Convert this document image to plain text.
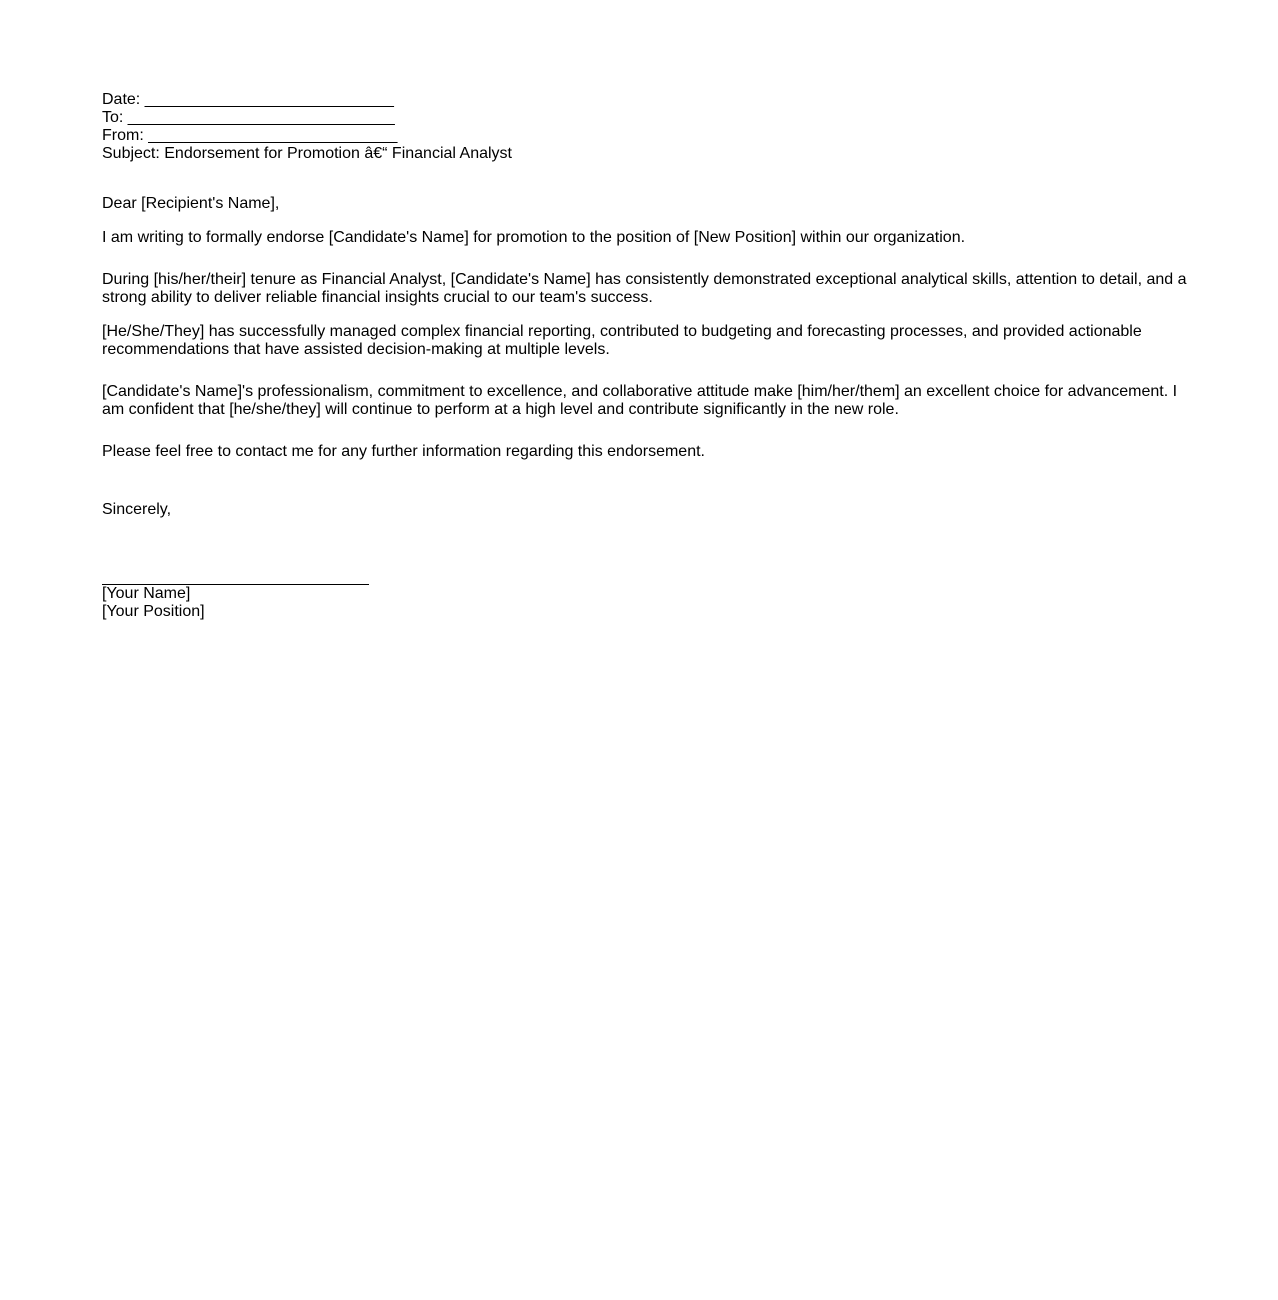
Date: ____________________________
To: ______________________________
From: ____________________________
Subject: Endorsement for Promotion â€“ Financial Analyst

Dear [Recipient's Name],

I am writing to formally endorse [Candidate's Name] for promotion to the position of [New Position] within our organization.

During [his/her/their] tenure as Financial Analyst, [Candidate's Name] has consistently demonstrated exceptional analytical skills, attention to detail, and a strong ability to deliver reliable financial insights crucial to our team's success.

[He/She/They] has successfully managed complex financial reporting, contributed to budgeting and forecasting processes, and provided actionable recommendations that have assisted decision-making at multiple levels.

[Candidate's Name]'s professionalism, commitment to excellence, and collaborative attitude make [him/her/them] an excellent choice for advancement. I am confident that [he/she/they] will continue to perform at a high level and contribute significantly in the new role.

Please feel free to contact me for any further information regarding this endorsement.

Sincerely,

[Your Name]
[Your Position]
